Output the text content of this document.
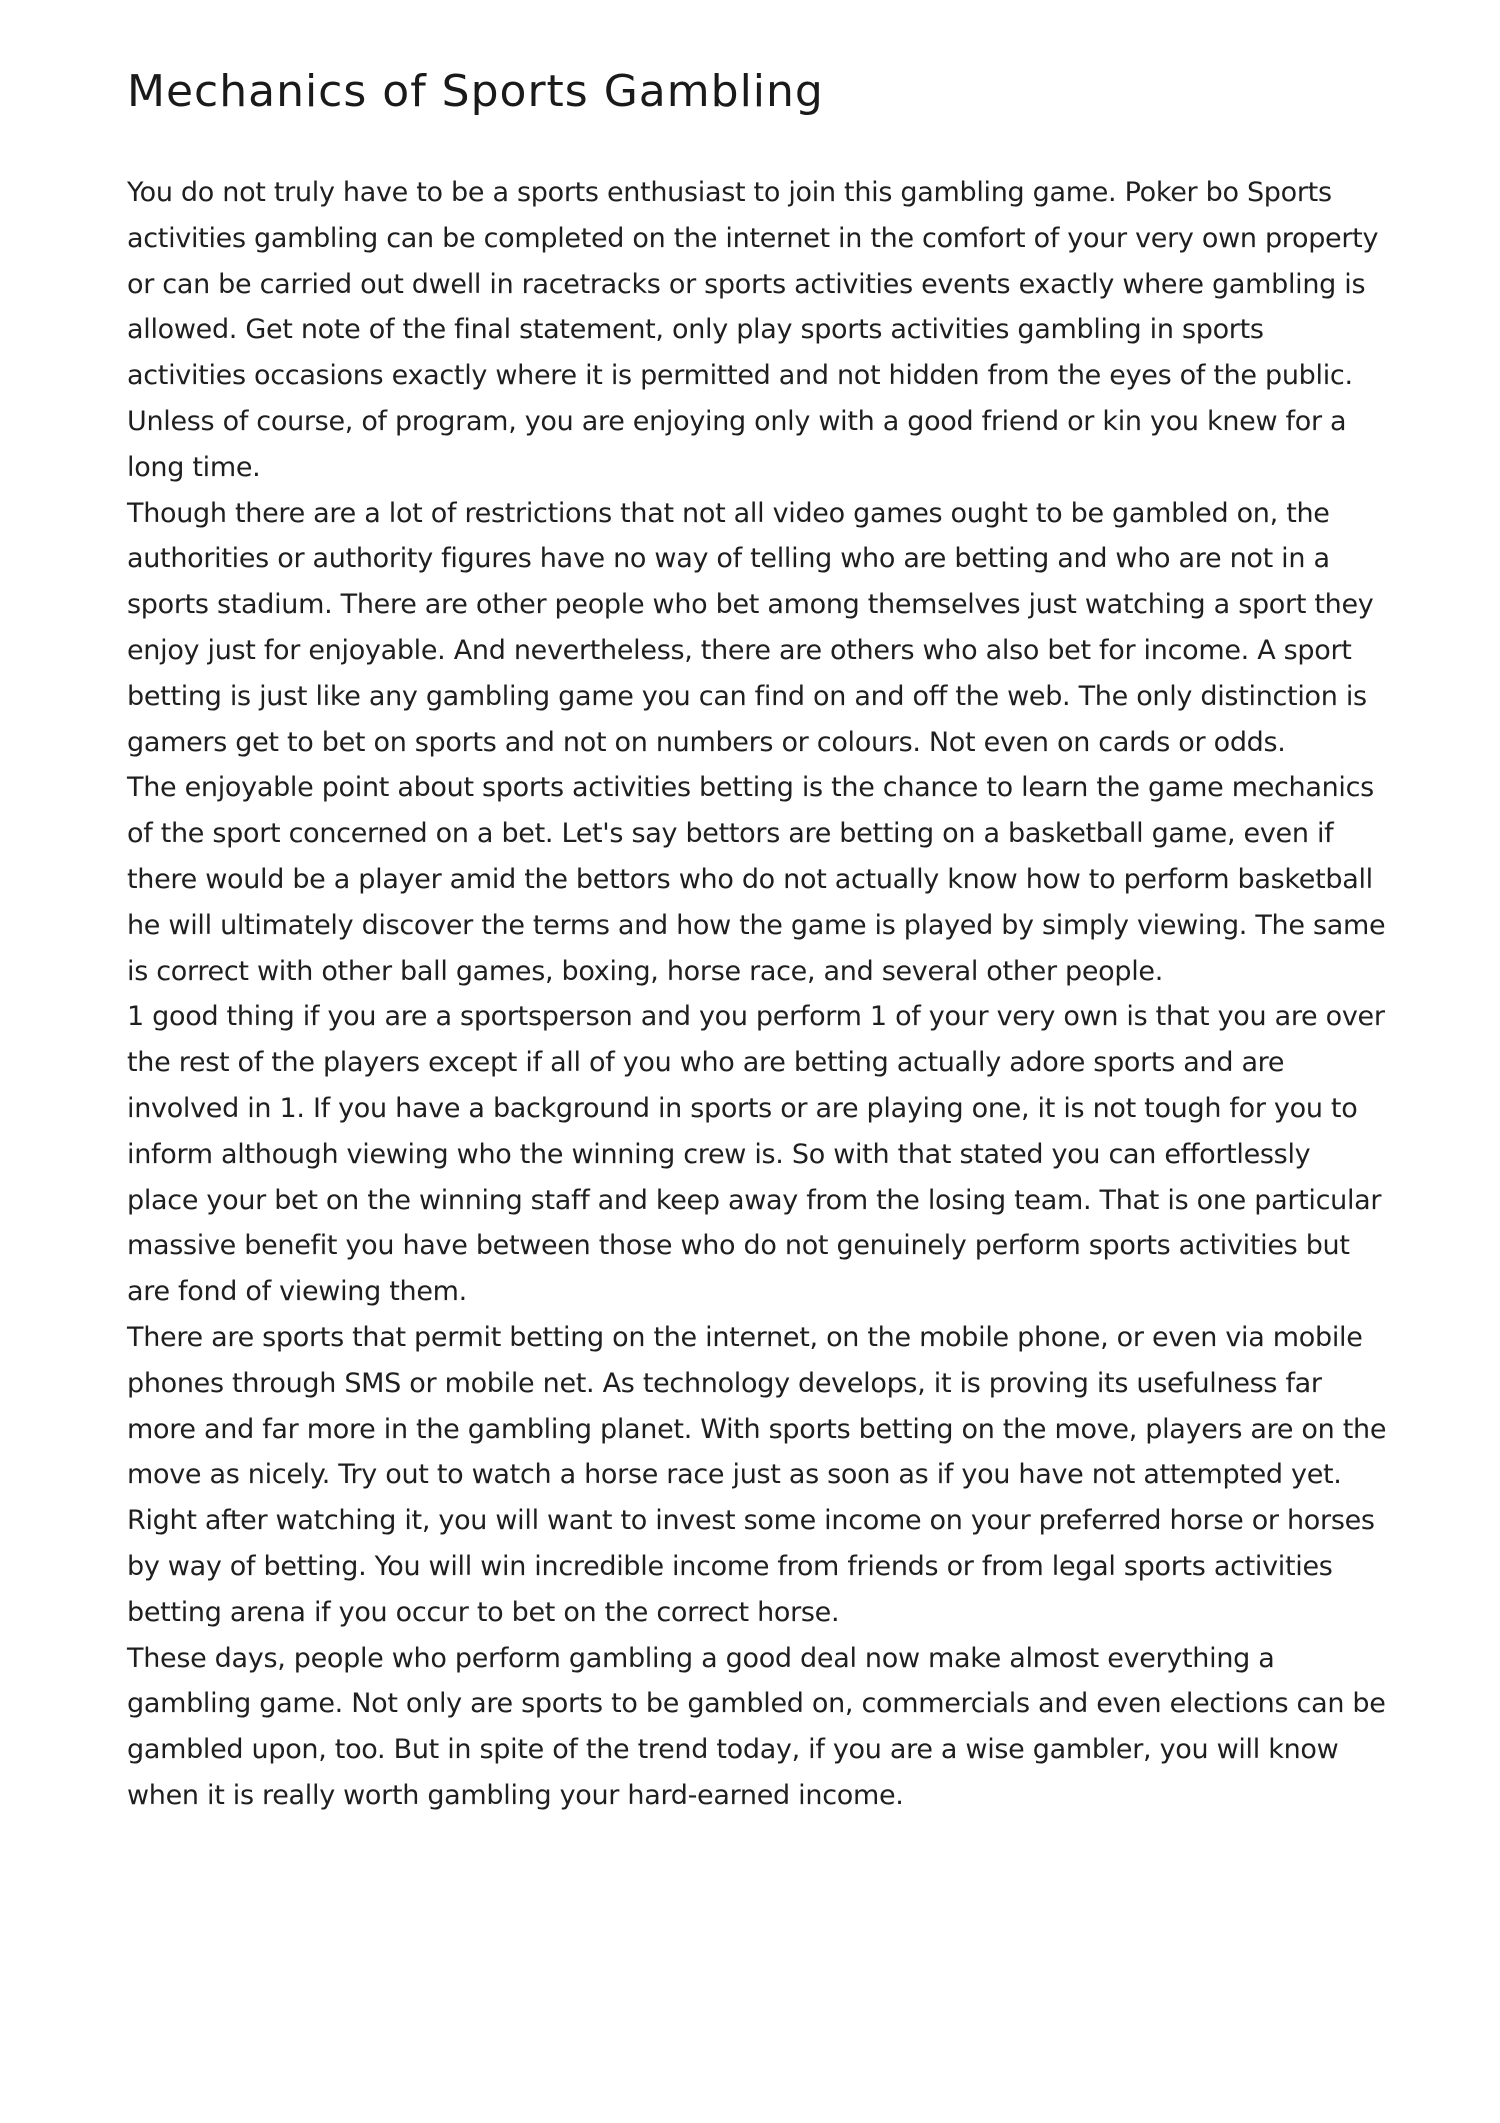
Mechanics of Sports Gambling

You do not truly have to be a sports enthusiast to join this gambling game. Poker bo Sports activities gambling can be completed on the internet in the comfort of your very own property or can be carried out dwell in racetracks or sports activities events exactly where gambling is allowed. Get note of the final statement, only play sports activities gambling in sports activities occasions exactly where it is permitted and not hidden from the eyes of the public. Unless of course, of program, you are enjoying only with a good friend or kin you knew for a long time.

Though there are a lot of restrictions that not all video games ought to be gambled on, the authorities or authority figures have no way of telling who are betting and who are not in a sports stadium. There are other people who bet among themselves just watching a sport they enjoy just for enjoyable. And nevertheless, there are others who also bet for income. A sport betting is just like any gambling game you can find on and off the web. The only distinction is gamers get to bet on sports and not on numbers or colours. Not even on cards or odds.

The enjoyable point about sports activities betting is the chance to learn the game mechanics of the sport concerned on a bet. Let's say bettors are betting on a basketball game, even if there would be a player amid the bettors who do not actually know how to perform basketball he will ultimately discover the terms and how the game is played by simply viewing. The same is correct with other ball games, boxing, horse race, and several other people.

1 good thing if you are a sportsperson and you perform 1 of your very own is that you are over the rest of the players except if all of you who are betting actually adore sports and are involved in 1. If you have a background in sports or are playing one, it is not tough for you to inform although viewing who the winning crew is. So with that stated you can effortlessly place your bet on the winning staff and keep away from the losing team. That is one particular massive benefit you have between those who do not genuinely perform sports activities but are fond of viewing them.

There are sports that permit betting on the internet, on the mobile phone, or even via mobile phones through SMS or mobile net. As technology develops, it is proving its usefulness far more and far more in the gambling planet. With sports betting on the move, players are on the move as nicely. Try out to watch a horse race just as soon as if you have not attempted yet. Right after watching it, you will want to invest some income on your preferred horse or horses by way of betting. You will win incredible income from friends or from legal sports activities betting arena if you occur to bet on the correct horse.

These days, people who perform gambling a good deal now make almost everything a gambling game. Not only are sports to be gambled on, commercials and even elections can be gambled upon, too. But in spite of the trend today, if you are a wise gambler, you will know when it is really worth gambling your hard-earned income.
